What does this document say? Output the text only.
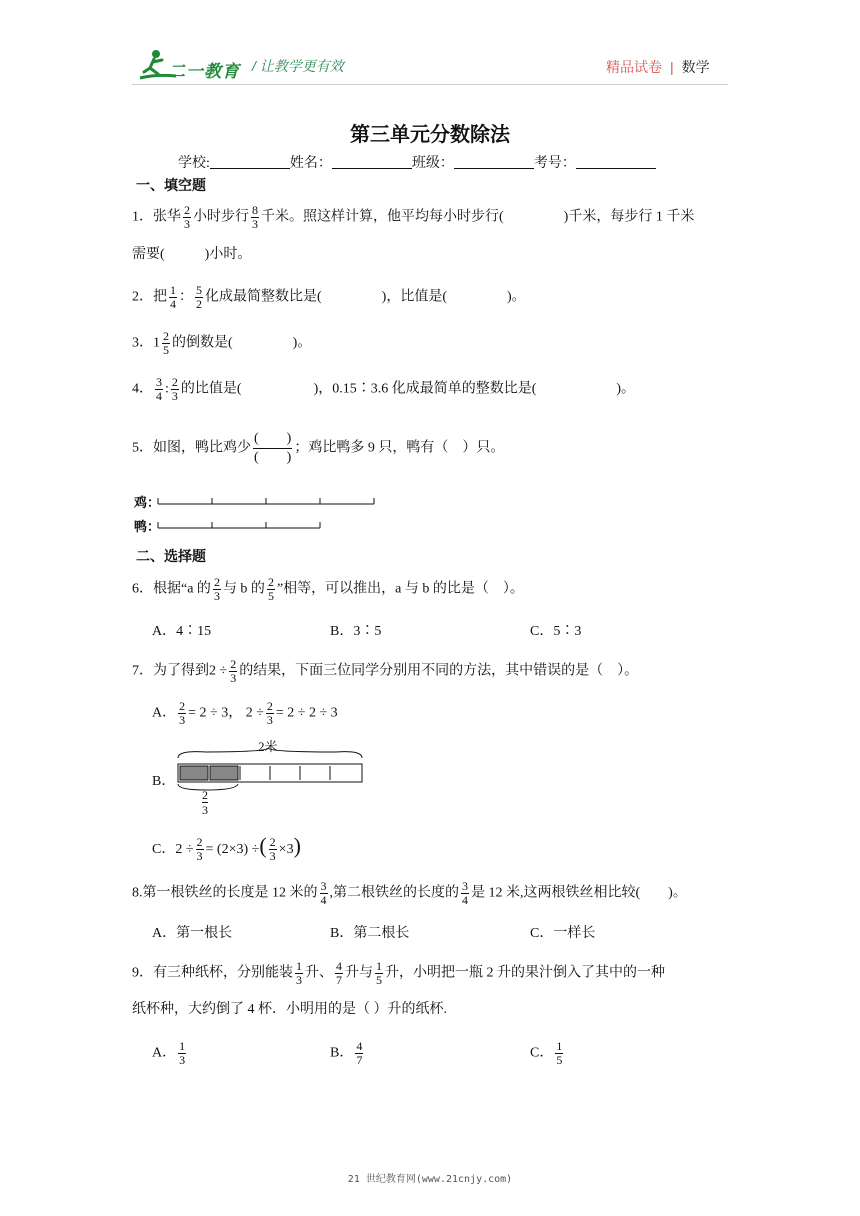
二一教育 / 让教学更有效	精品试卷 | 数学
第三单元分数除法
学校:	姓名：	班级：	考号：
一、填空题
1．张华 $\frac{2}{3}$ 小时步行 $\frac{8}{3}$ 千米。照这样计算，他平均每小时步行(	)千米，每步行 1 千米
需要(	)小时。
2．把 $\frac{1}{4}$ ： $\frac{5}{2}$ 化成最简整数比是(	)，比值是(	)。
3．$1 \frac{2}{5}$ 的倒数是(	)。
4． $\frac{3}{4}$ : $\frac{2}{3}$ 的比值是(	)，0.15∶3.6 化成最简单的整数比是(	)。
5．如图，鸭比鸡少 $\frac{( )}{( )}$ ；鸡比鸭多 9 只，鸭有（　）只。
鸡：
鸭：
二、选择题
6．根据“a 的 $\frac{2}{3}$ 与 b 的 $\frac{2}{5}$ ”相等，可以推出，a 与 b 的比是（　）。
A．4∶15	B．3∶5	C．5∶3
7．为了得到$2 \div \frac{2}{3}$ 的结果，下面三位同学分别用不同的方法，其中错误的是（　）。
A． $\frac{2}{3} = 2 \div 3$， $2 \div \frac{2}{3} = 2 \div 2 \div 3$
B．
2米
2
3
C．$2 \div \frac{2}{3} = (2\times 3)$ ÷( $\frac{2}{3} \times 3$)
8.第一根铁丝的长度是 12 米的 $\frac{3}{4}$ ,第二根铁丝的长度的 $\frac{3}{4}$ 是 12 米,这两根铁丝相比较(　　)。
A．第一根长	B．第二根长	C．一样长
9．有三种纸杯，分别能装 $\frac{1}{3}$ 升、 $\frac{4}{7}$ 升与 $\frac{1}{5}$ 升，小明把一瓶 2 升的果汁倒入了其中的一种
纸杯种，大约倒了 4 杯．小明用的是（ ）升的纸杯.
A． $\frac{1}{3}$	B． $\frac{4}{7}$	C． $\frac{1}{5}$
21 世纪教育网(www.21cnjy.com)
